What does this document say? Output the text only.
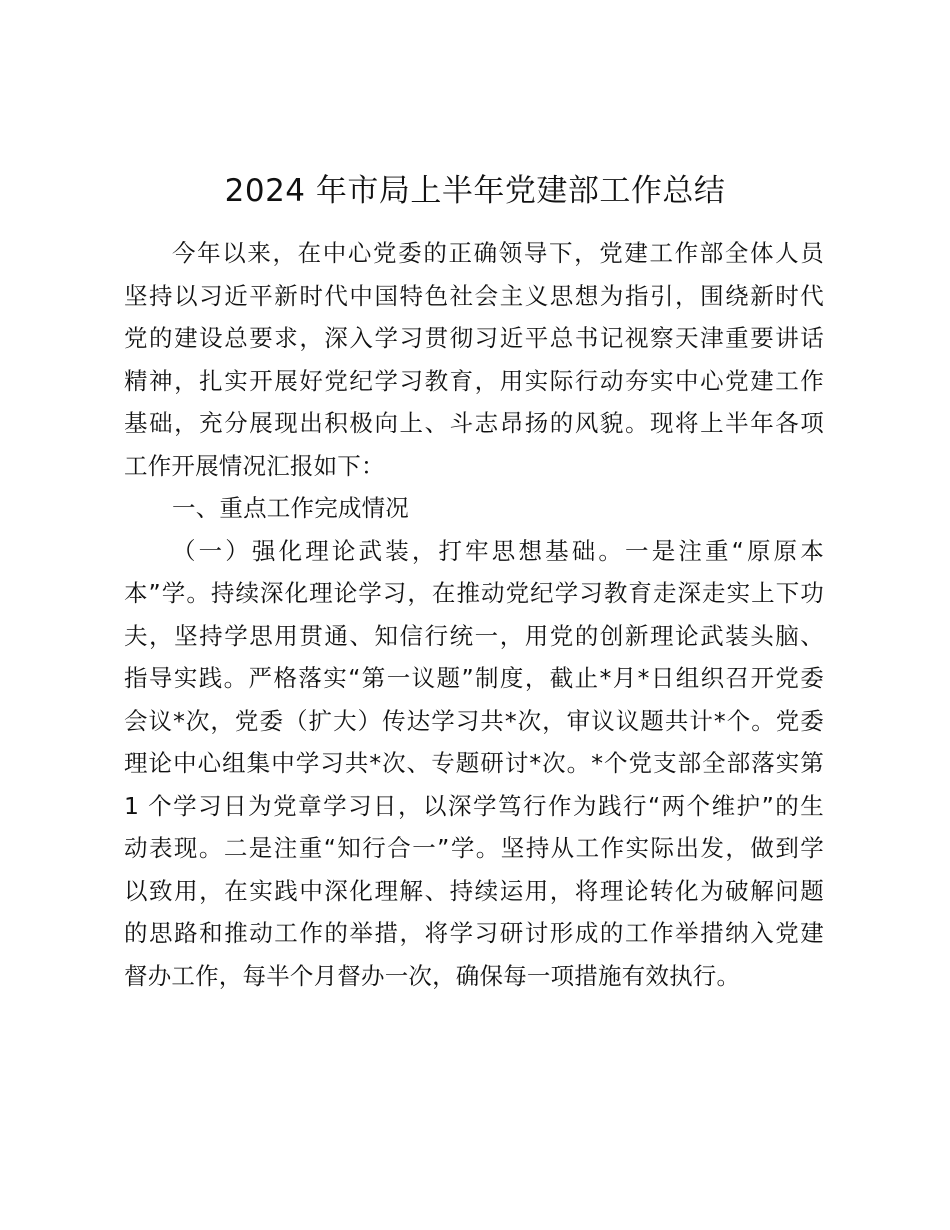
2024 年市局上半年党建部工作总结
今年以来，在中心党委的正确领导下，党建工作部全体人员
坚持以习近平新时代中国特色社会主义思想为指引，围绕新时代
党的建设总要求，深入学习贯彻习近平总书记视察天津重要讲话
精神，扎实开展好党纪学习教育，用实际行动夯实中心党建工作
基础，充分展现出积极向上、斗志昂扬的风貌。现将上半年各项
工作开展情况汇报如下：
一、重点工作完成情况
（一）强化理论武装，打牢思想基础。一是注重“原原本
本”学。持续深化理论学习，在推动党纪学习教育走深走实上下功
夫，坚持学思用贯通、知信行统一，用党的创新理论武装头脑、
指导实践。严格落实“第一议题”制度，截止*月*日组织召开党委
会议*次，党委（扩大）传达学习共*次，审议议题共计*个。党委
理论中心组集中学习共*次、专题研讨*次。*个党支部全部落实第
1 个学习日为党章学习日，以深学笃行作为践行“两个维护”的生
动表现。二是注重“知行合一”学。坚持从工作实际出发，做到学
以致用，在实践中深化理解、持续运用，将理论转化为破解问题
的思路和推动工作的举措，将学习研讨形成的工作举措纳入党建
督办工作，每半个月督办一次，确保每一项措施有效执行。
